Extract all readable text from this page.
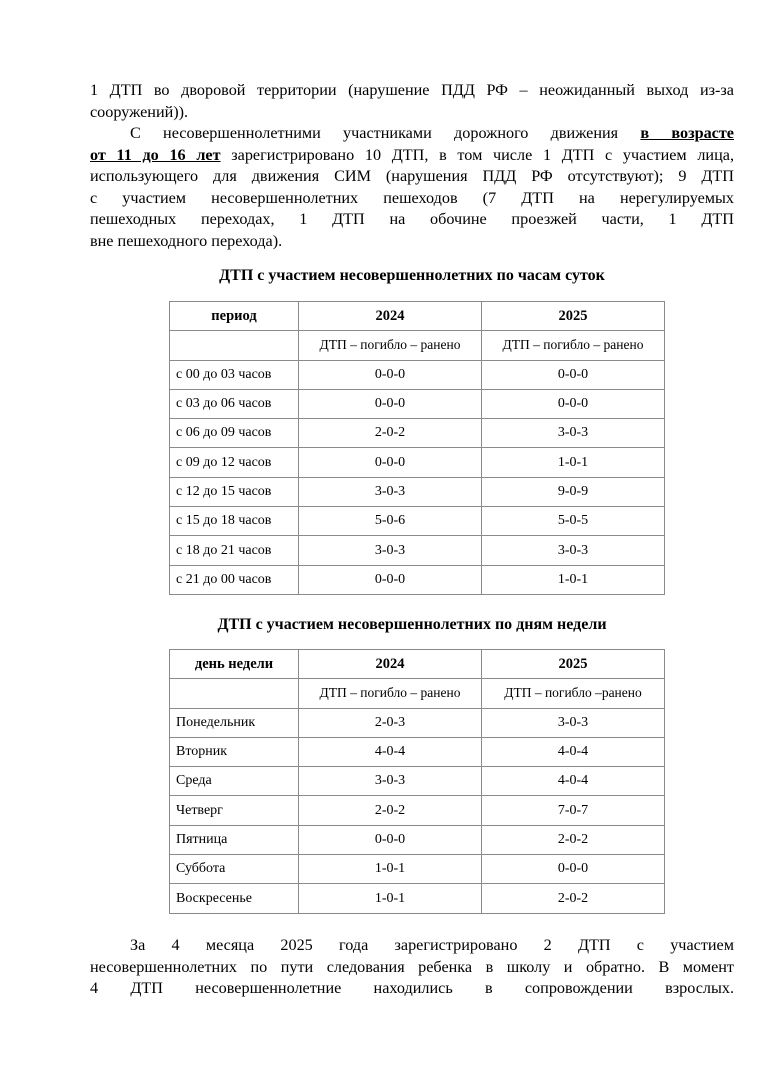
1 ДТП во дворовой территории (нарушение ПДД РФ – неожиданный выход из-за
сооружений)).
С несовершеннолетними участниками дорожного движения в возрасте
от 11 до 16 лет зарегистрировано 10 ДТП, в том числе 1 ДТП с участием лица,
использующего для движения СИМ (нарушения ПДД РФ отсутствуют); 9 ДТП
с участием несовершеннолетних пешеходов (7 ДТП на нерегулируемых
пешеходных переходах, 1 ДТП на обочине проезжей части, 1 ДТП
вне пешеходного перехода).
ДТП с участием несовершеннолетних по часам суток
период	2024	2025
	ДТП – погибло – ранено	ДТП – погибло – ранено
с 00 до 03 часов	0-0-0	0-0-0
с 03 до 06 часов	0-0-0	0-0-0
с 06 до 09 часов	2-0-2	3-0-3
с 09 до 12 часов	0-0-0	1-0-1
с 12 до 15 часов	3-0-3	9-0-9
с 15 до 18 часов	5-0-6	5-0-5
с 18 до 21 часов	3-0-3	3-0-3
с 21 до 00 часов	0-0-0	1-0-1
ДТП с участием несовершеннолетних по дням недели
день недели	2024	2025
	ДТП – погибло – ранено	ДТП – погибло –ранено
Понедельник	2-0-3	3-0-3
Вторник	4-0-4	4-0-4
Среда	3-0-3	4-0-4
Четверг	2-0-2	7-0-7
Пятница	0-0-0	2-0-2
Суббота	1-0-1	0-0-0
Воскресенье	1-0-1	2-0-2
За 4 месяца 2025 года зарегистрировано 2 ДТП с участием
несовершеннолетних по пути следования ребенка в школу и обратно. В момент
4 ДТП несовершеннолетние находились в сопровождении взрослых.
